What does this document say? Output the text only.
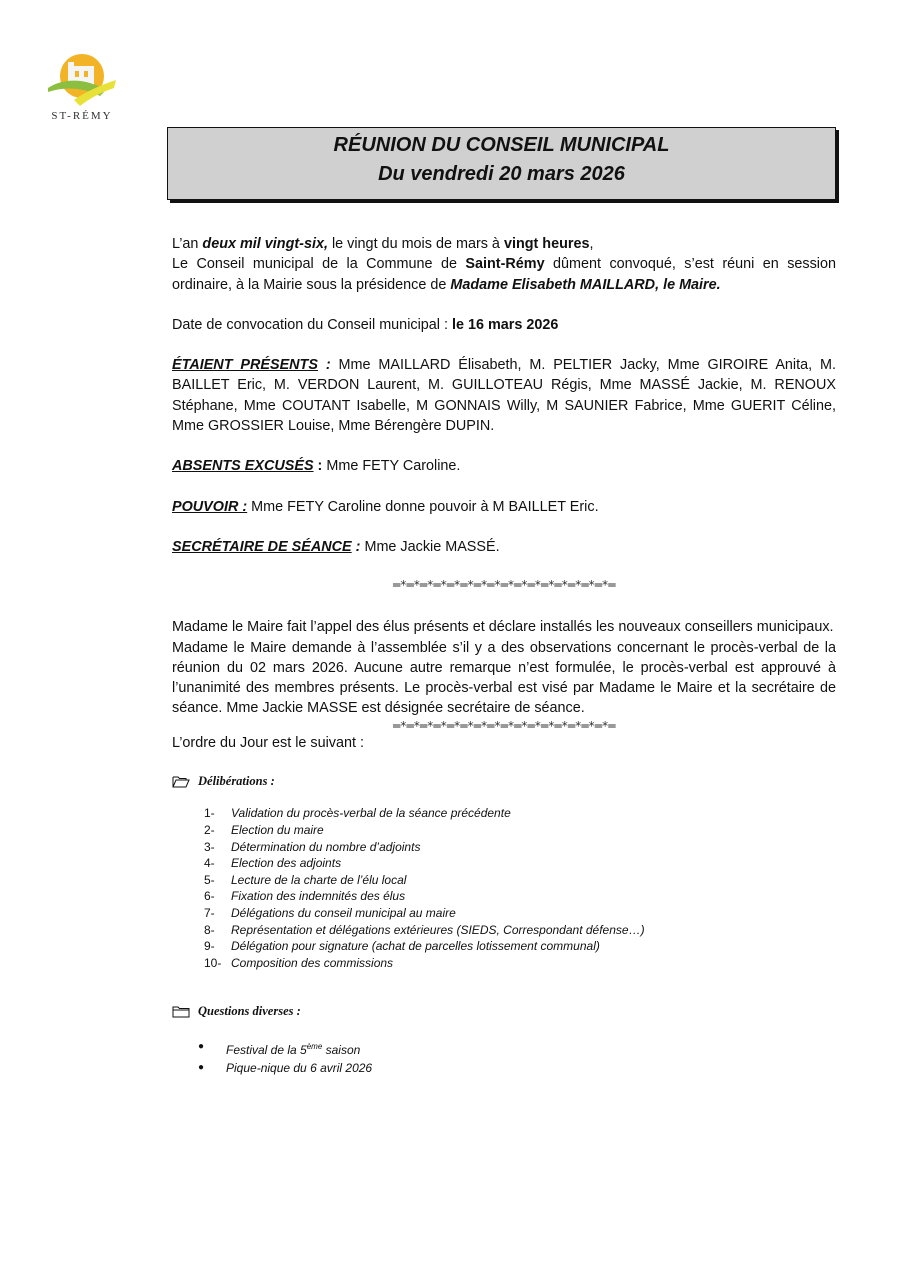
ST-RÉMY
RÉUNION DU CONSEIL MUNICIPAL
Du vendredi 20 mars 2026

L’an deux mil vingt-six, le vingt du mois de mars à vingt heures,

Le Conseil municipal de la Commune de Saint-Rémy dûment convoqué, s’est réuni en session ordinaire, à la Mairie sous la présidence de Madame Elisabeth MAILLARD, le Maire.

Date de convocation du Conseil municipal : le 16 mars 2026

ÉTAIENT PRÉSENTS : Mme MAILLARD Élisabeth, M. PELTIER Jacky, Mme GIROIRE Anita, M. BAILLET Eric, M. VERDON Laurent, M. GUILLOTEAU Régis, Mme MASSÉ Jackie, M. RENOUX Stéphane, Mme COUTANT Isabelle, M GONNAIS Willy, M SAUNIER Fabrice, Mme GUERIT Céline, Mme GROSSIER Louise, Mme Bérengère DUPIN.

ABSENTS EXCUSÉS : Mme FETY Caroline.

POUVOIR : Mme FETY Caroline donne pouvoir à M BAILLET Eric.

SECRÉTAIRE DE SÉANCE : Mme Jackie MASSÉ.

═*═*═*═*═*═*═*═*═*═*═*═*═*═*═*═*═

Madame le Maire fait l’appel des élus présents et déclare installés les nouveaux conseillers municipaux.

Madame le Maire demande à l’assemblée s’il y a des observations concernant le procès-verbal de la réunion du 02 mars 2026. Aucune autre remarque n’est formulée, le procès-verbal est approuvé à l’unanimité des membres présents. Le procès-verbal est visé par Madame le Maire et la secrétaire de séance. Mme Jackie MASSE est désignée secrétaire de séance.

═*═*═*═*═*═*═*═*═*═*═*═*═*═*═*═*═

L’ordre du Jour est le suivant :

Délibérations :
1-	Validation du procès-verbal de la séance précédente
2-	Election du maire
3-	Détermination du nombre d’adjoints
4-	Election des adjoints
5-	Lecture de la charte de l’élu local
6-	Fixation des indemnités des élus
7-	Délégations du conseil municipal au maire
8-	Représentation et délégations extérieures (SIEDS, Correspondant défense…)
9-	Délégation pour signature (achat de parcelles lotissement communal)
10- Composition des commissions
Questions diverses :
●	Festival de la 5ème saison
●	Pique-nique du 6 avril 2026
